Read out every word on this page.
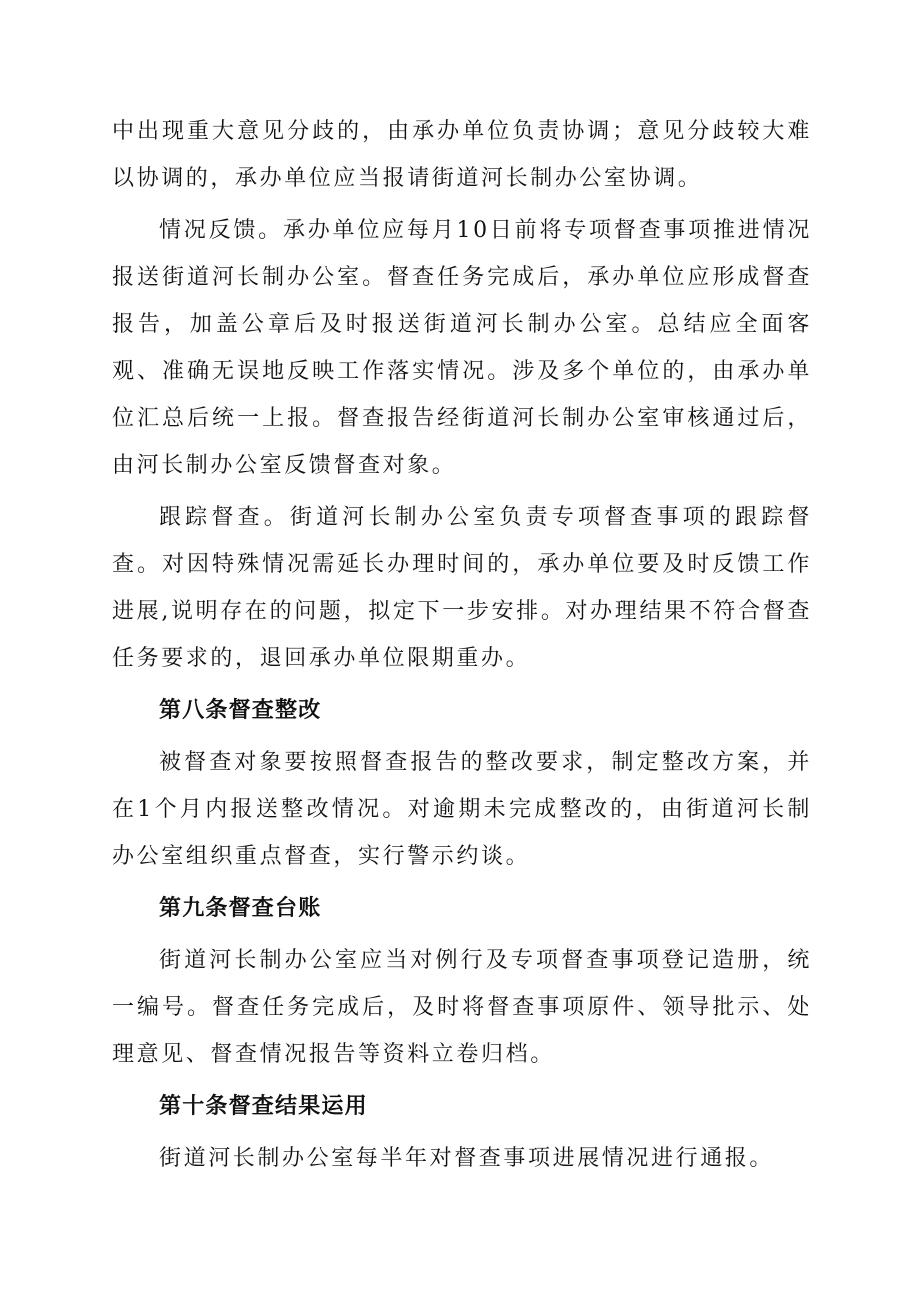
中出现重大意见分歧的，由承办单位负责协调；意见分歧较大难以协调的，承办单位应当报请街道河长制办公室协调。

情况反馈。承办单位应每月10日前将专项督查事项推进情况报送街道河长制办公室。督查任务完成后，承办单位应形成督查报告，加盖公章后及时报送街道河长制办公室。总结应全面客观、准确无误地反映工作落实情况。涉及多个单位的，由承办单位汇总后统一上报。督查报告经街道河长制办公室审核通过后，由河长制办公室反馈督查对象。

跟踪督查。街道河长制办公室负责专项督查事项的跟踪督查。对因特殊情况需延长办理时间的，承办单位要及时反馈工作进展,说明存在的问题，拟定下一步安排。对办理结果不符合督查任务要求的，退回承办单位限期重办。

第八条督查整改

被督查对象要按照督查报告的整改要求，制定整改方案，并在1个月内报送整改情况。对逾期未完成整改的，由街道河长制办公室组织重点督查，实行警示约谈。

第九条督查台账

街道河长制办公室应当对例行及专项督查事项登记造册，统一编号。督查任务完成后，及时将督查事项原件、领导批示、处理意见、督查情况报告等资料立卷归档。

第十条督查结果运用

街道河长制办公室每半年对督查事项进展情况进行通报。
